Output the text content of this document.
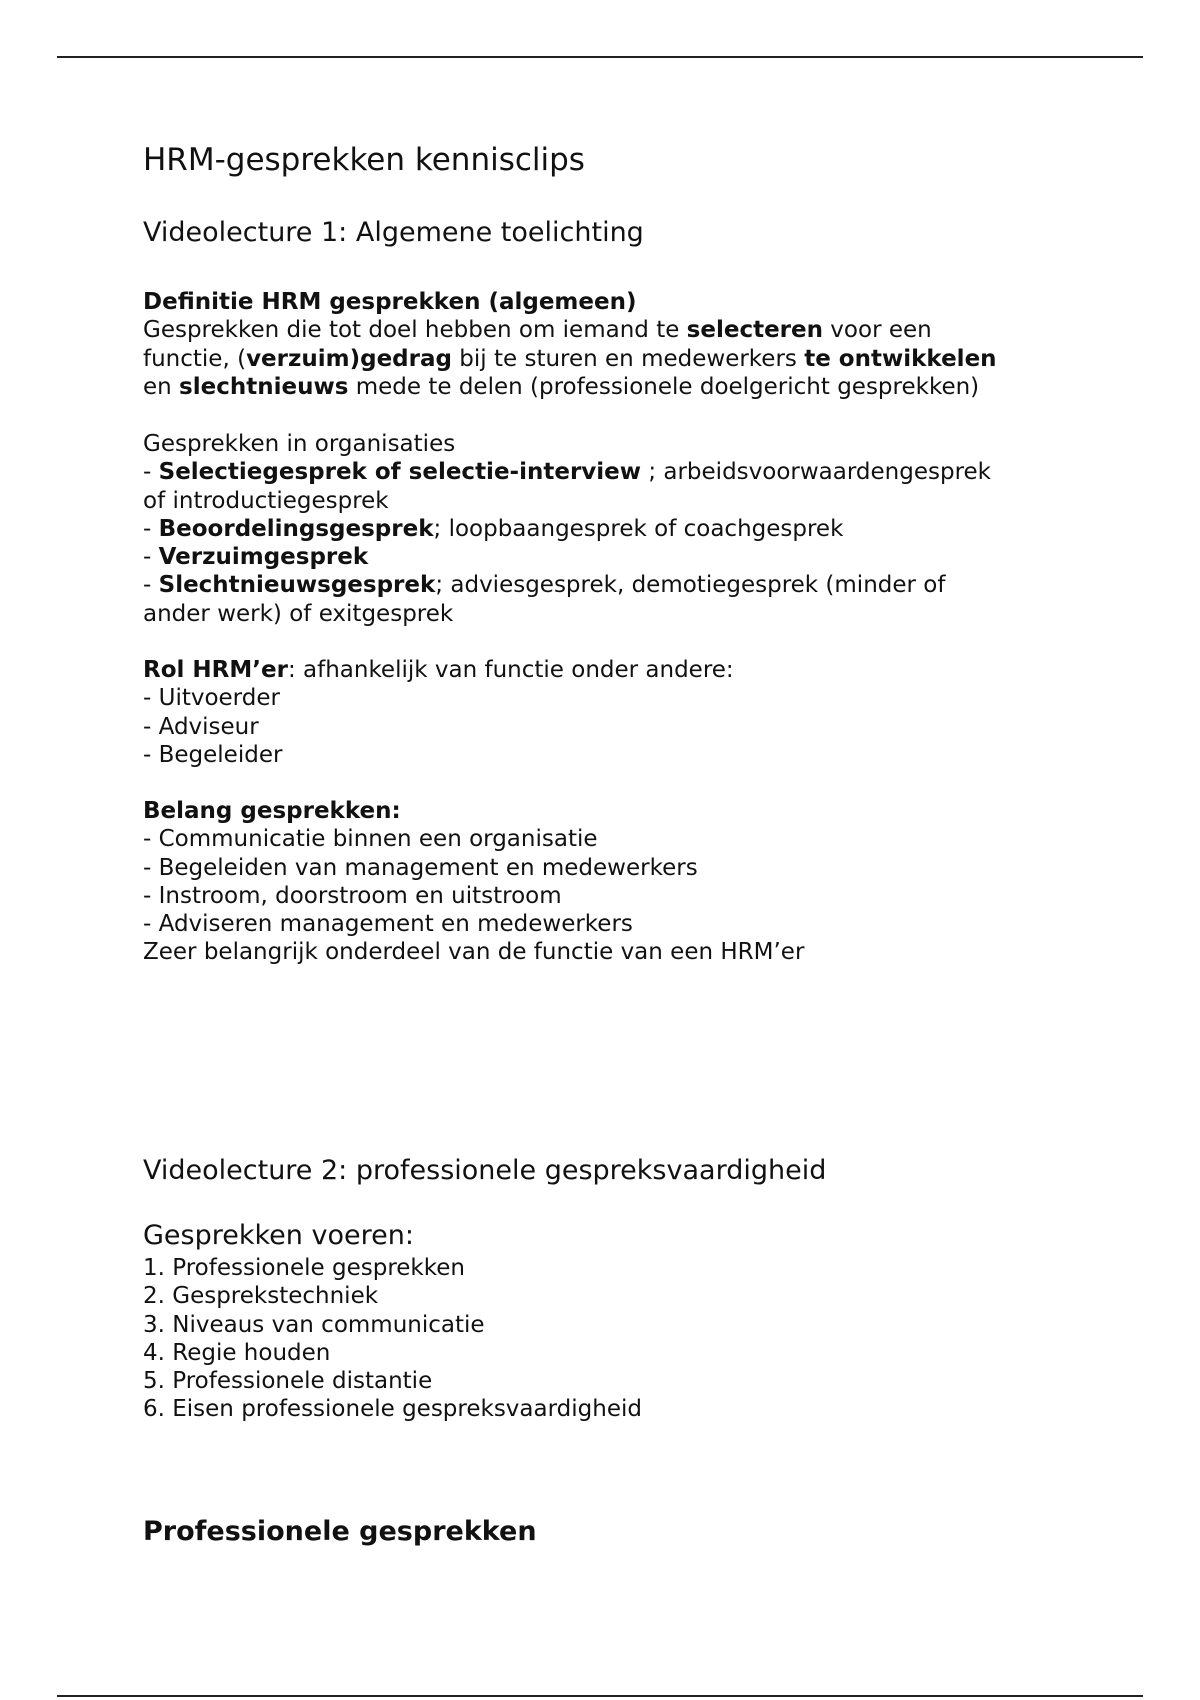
HRM-gesprekken kennisclips
Videolecture 1: Algemene toelichting

Definitie HRM gesprekken (algemeen)

Gesprekken die tot doel hebben om iemand te selecteren voor een

functie, (verzuim)gedrag bij te sturen en medewerkers te ontwikkelen

en slechtnieuws mede te delen (professionele doelgericht gesprekken)

Gesprekken in organisaties

- Selectiegesprek of selectie-interview ; arbeidsvoorwaardengesprek

of introductiegesprek

- Beoordelingsgesprek; loopbaangesprek of coachgesprek

- Verzuimgesprek

- Slechtnieuwsgesprek; adviesgesprek, demotiegesprek (minder of

ander werk) of exitgesprek

Rol HRM’er: afhankelijk van functie onder andere:

- Uitvoerder

- Adviseur

- Begeleider

Belang gesprekken:

- Communicatie binnen een organisatie

- Begeleiden van management en medewerkers

- Instroom, doorstroom en uitstroom

- Adviseren management en medewerkers

Zeer belangrijk onderdeel van de functie van een HRM’er

Videolecture 2: professionele gespreksvaardigheid
Gesprekken voeren:

1. Professionele gesprekken

2. Gesprekstechniek

3. Niveaus van communicatie

4. Regie houden

5. Professionele distantie

6. Eisen professionele gespreksvaardigheid

Professionele gesprekken
